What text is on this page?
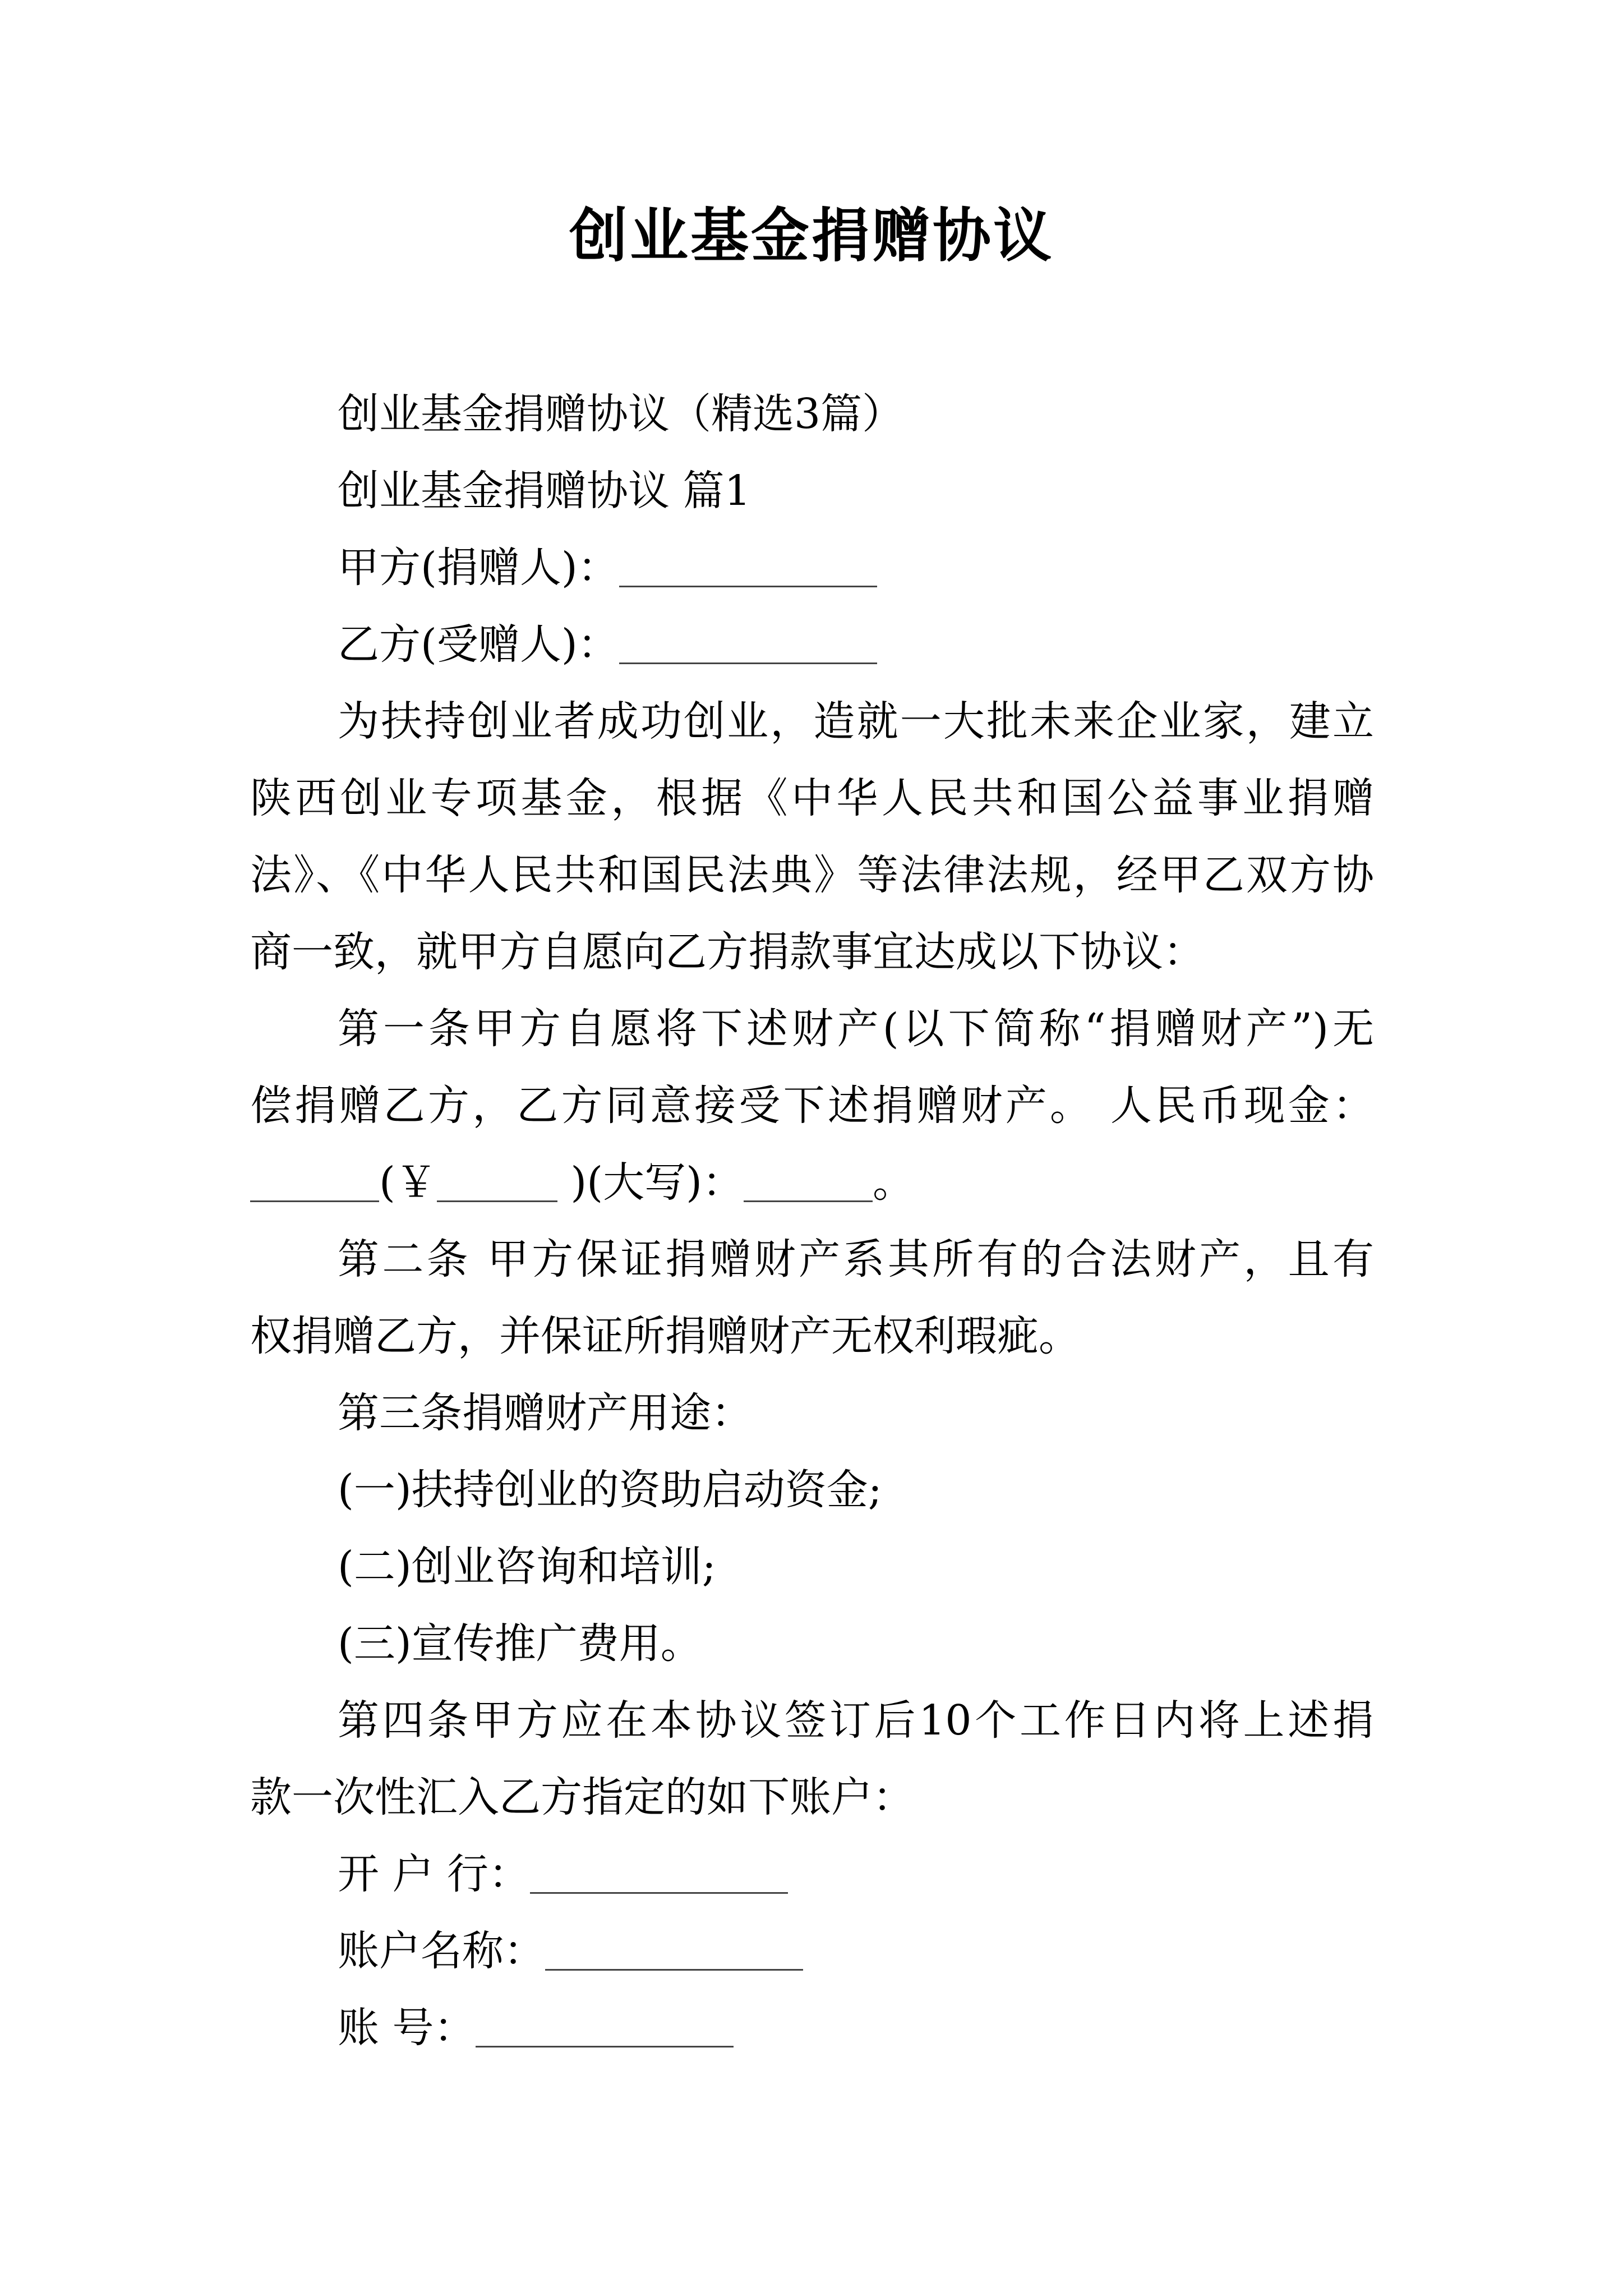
创业基金捐赠协议
创业基金捐赠协议（精选3篇）
创业基金捐赠协议 篇1
甲方(捐赠人)：
乙方(受赠人)：
为扶持创业者成功创业，造就一大批未来企业家，建立
陕西创业专项基金，根据《中华人民共和国公益事业捐赠
法》、《中华人民共和国民法典》等法律法规，经甲乙双方协
商一致，就甲方自愿向乙方捐款事宜达成以下协议：
第一条甲方自愿将下述财产(以下简称“捐赠财产”)无
偿捐赠乙方，乙方同意接受下述捐赠财产。 人民币现金：
(￥	)(大写)：	。
第二条 甲方保证捐赠财产系其所有的合法财产，且有
权捐赠乙方，并保证所捐赠财产无权利瑕疵。
第三条捐赠财产用途：
(一)扶持创业的资助启动资金;
(二)创业咨询和培训;
(三)宣传推广费用。
第四条甲方应在本协议签订后10个工作日内将上述捐
款一次性汇入乙方指定的如下账户：
开 户 行：
账户名称：
账 号：
